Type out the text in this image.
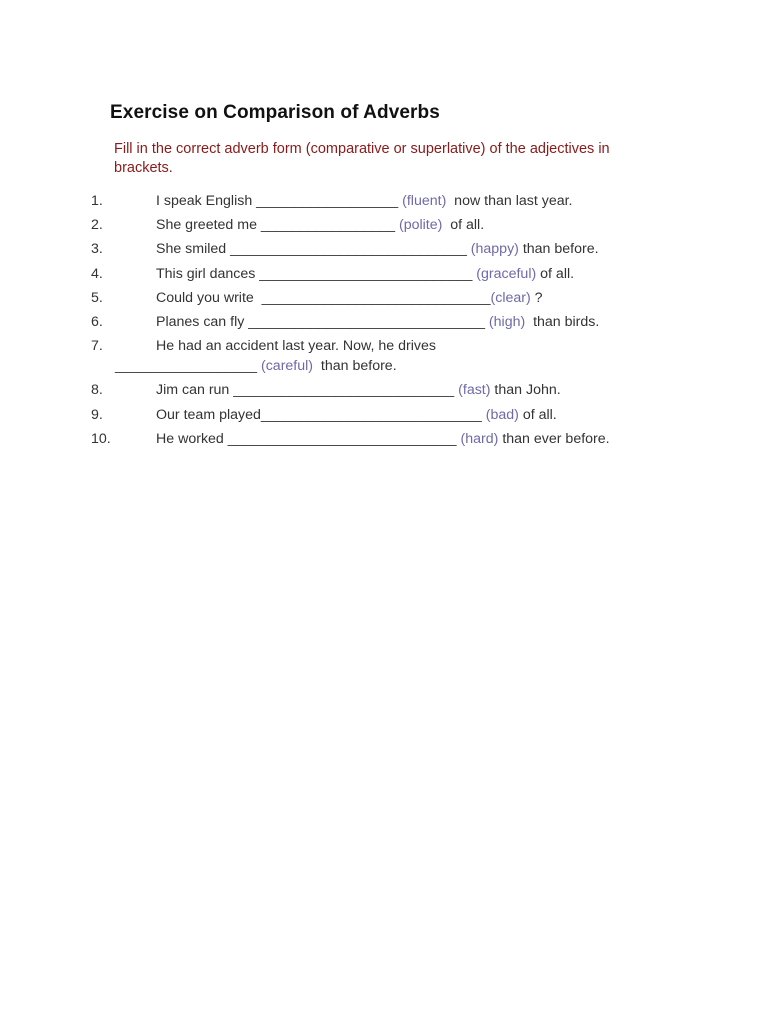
Exercise on Comparison of Adverbs
Fill in the correct adverb form (comparative or superlative) of the adjectives in brackets.
1.	I speak English __________________ (fluent)  now than last year.
2.	She greeted me _________________ (polite)  of all.
3.	She smiled ______________________________ (happy) than before.
4.	This girl dances ___________________________ (graceful) of all.
5.	Could you write  _____________________________(clear) ?
6.	Planes can fly ______________________________ (high)  than birds.
7.	He had an accident last year. Now, he drives
__________________ (careful)  than before.
8.	Jim can run ____________________________ (fast) than John.
9.	Our team played____________________________ (bad) of all.
10.	He worked _____________________________ (hard) than ever before.
